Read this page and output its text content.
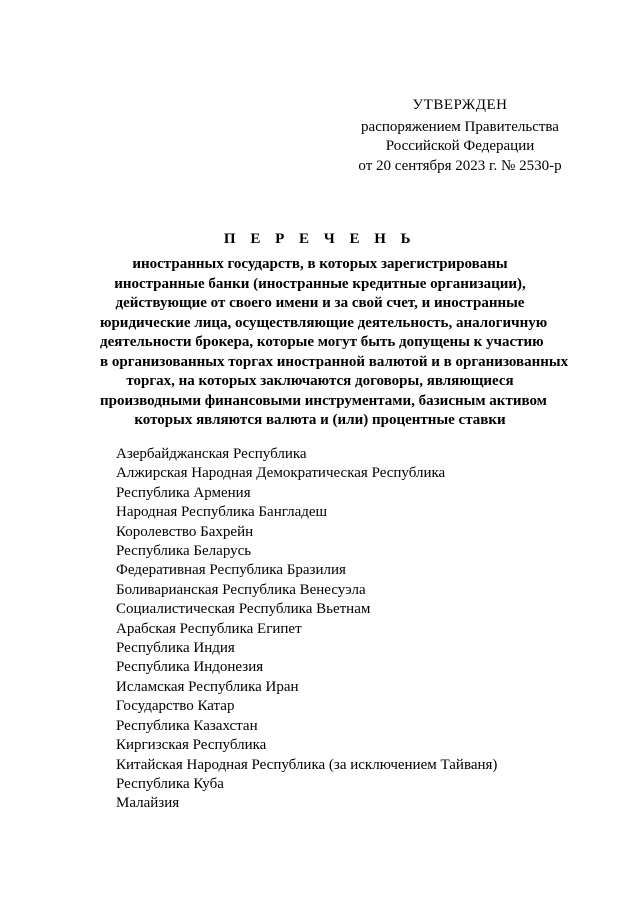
УТВЕРЖДЕН
распоряжением Правительства
Российской Федерации
от 20 сентября 2023 г. № 2530-р
П Е Р Е Ч Е Н Ь
иностранных государств, в которых зарегистрированы
иностранные банки (иностранные кредитные организации),
действующие от своего имени и за свой счет, и иностранные
юридические лица, осуществляющие деятельность, аналогичную
деятельности брокера, которые могут быть допущены к участию
в организованных торгах иностранной валютой и в организованных
торгах, на которых заключаются договоры, являющиеся
производными финансовыми инструментами, базисным активом
которых являются валюта и (или) процентные ставки
Азербайджанская Республика
Алжирская Народная Демократическая Республика
Республика Армения
Народная Республика Бангладеш
Королевство Бахрейн
Республика Беларусь
Федеративная Республика Бразилия
Боливарианская Республика Венесуэла
Социалистическая Республика Вьетнам
Арабская Республика Египет
Республика Индия
Республика Индонезия
Исламская Республика Иран
Государство Катар
Республика Казахстан
Киргизская Республика
Китайская Народная Республика (за исключением Тайваня)
Республика Куба
Малайзия
